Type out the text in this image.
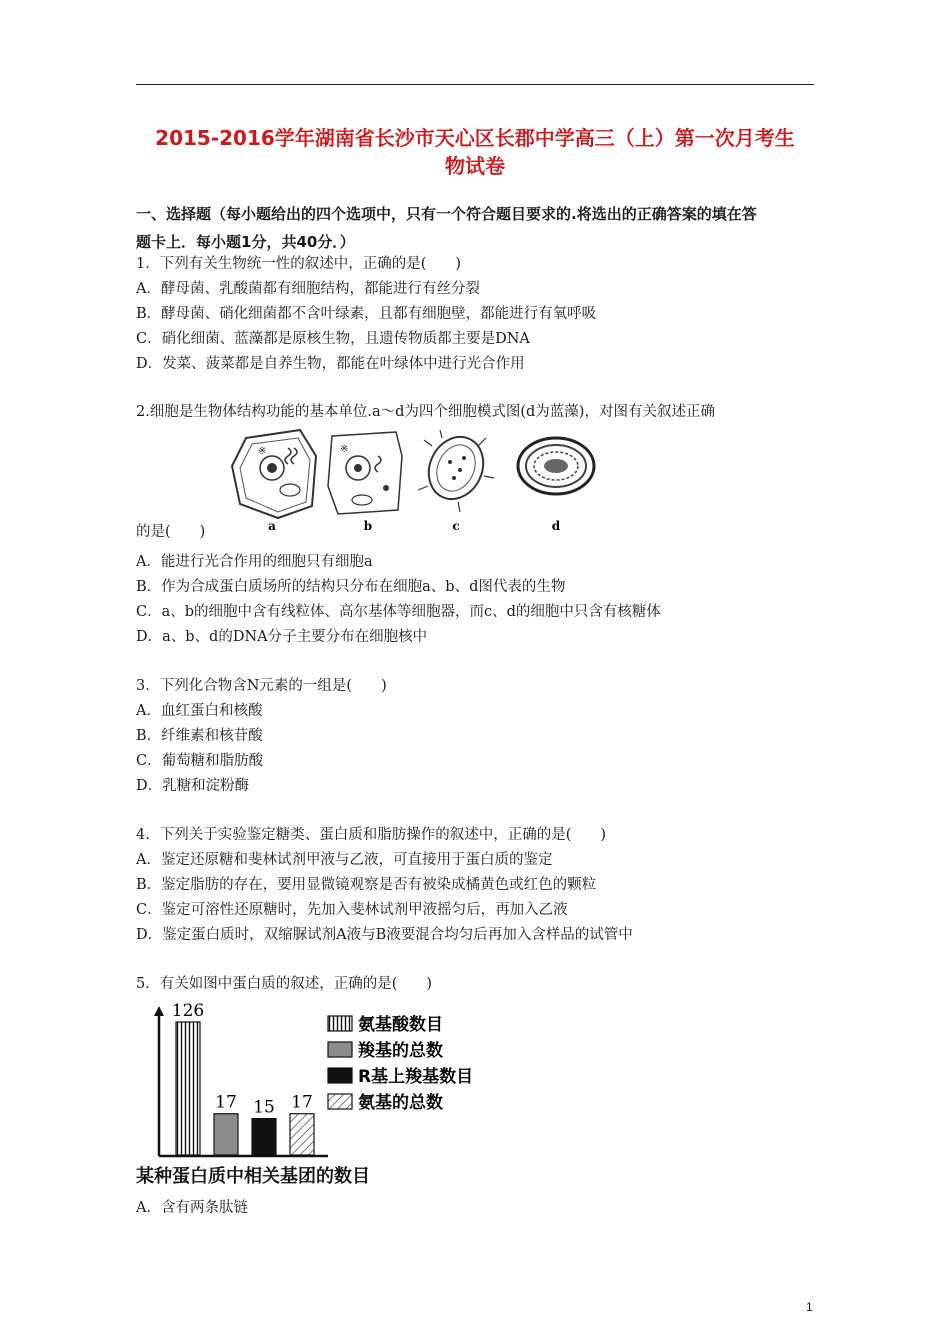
2015-2016学年湖南省长沙市天心区长郡中学高三（上）第一次月考生
物试卷
一、选择题（每小题给出的四个选项中，只有一个符合题目要求的.将选出的正确答案的填在答
题卡上．每小题1分，共40分．）
1．下列有关生物统一性的叙述中，正确的是(　　)
A．酵母菌、乳酸菌都有细胞结构，都能进行有丝分裂
B．酵母菌、硝化细菌都不含叶绿素，且都有细胞壁，都能进行有氧呼吸
C．硝化细菌、蓝藻都是原核生物，且遗传物质都主要是DNA
D．发菜、菠菜都是自养生物，都能在叶绿体中进行光合作用
2.细胞是生物体结构功能的基本单位.a～d为四个细胞模式图(d为蓝藻)，对图有关叙述正确
※
a
※
b	c	d
的是(　　)
A．能进行光合作用的细胞只有细胞a
B．作为合成蛋白质场所的结构只分布在细胞a、b、d图代表的生物
C．a、b的细胞中含有线粒体、高尔基体等细胞器，而c、d的细胞中只含有核糖体
D．a、b、d的DNA分子主要分布在细胞核中
3．下列化合物含N元素的一组是(　　)
A．血红蛋白和核酸
B．纤维素和核苷酸
C．葡萄糖和脂肪酸
D．乳糖和淀粉酶
4．下列关于实验鉴定糖类、蛋白质和脂肪操作的叙述中，正确的是(　　)
A．鉴定还原糖和斐林试剂甲液与乙液，可直接用于蛋白质的鉴定
B．鉴定脂肪的存在，要用显微镜观察是否有被染成橘黄色或红色的颗粒
C．鉴定可溶性还原糖时，先加入斐林试剂甲液摇匀后，再加入乙液
D．鉴定蛋白质时，双缩脲试剂A液与B液要混合均匀后再加入含样品的试管中
5．有关如图中蛋白质的叙述，正确的是(　　)
126
17 15 17
氨基酸数目
羧基的总数
R基上羧基数目
氨基的总数
某种蛋白质中相关基团的数目
A．含有两条肽链
1
